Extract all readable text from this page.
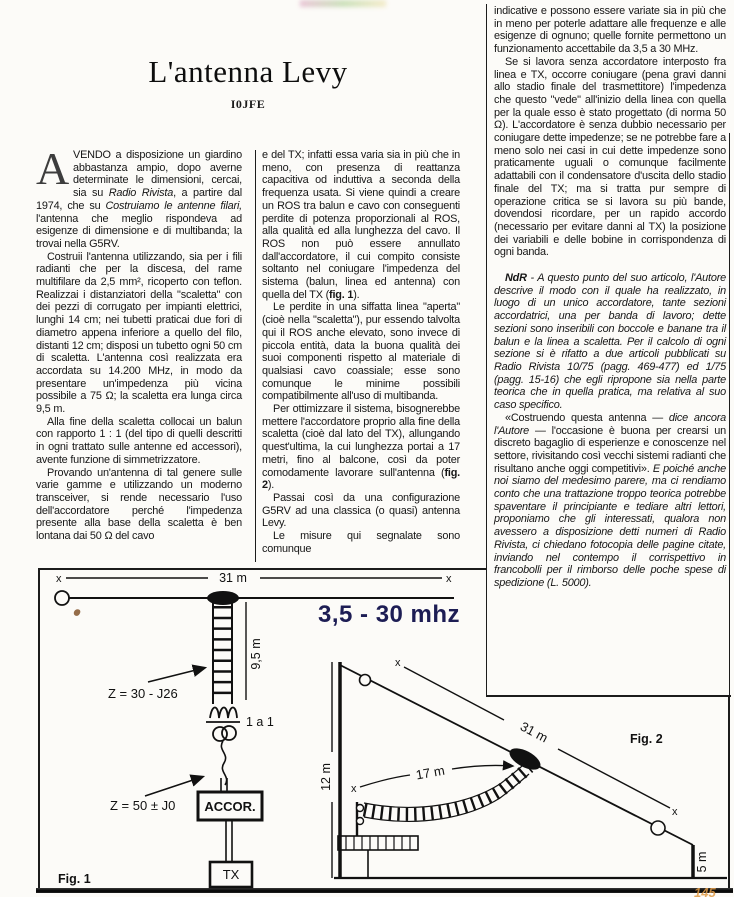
L'antenna Levy
I0JFE

AVENDO a disposizione un giardino abbastanza ampio, dopo averne determinate le dimensioni, cercai, sia su Radio Rivista, a partire dal 1974, che su Costruiamo le antenne filari, l'antenna che meglio rispondeva ad esigenze di dimensione e di multibanda; la trovai nella G5RV.

Costruii l'antenna utilizzando, sia per i fili radianti che per la discesa, del rame multifilare da 2,5 mm², ricoperto con teflon. Realizzai i distanziatori della "scaletta" con dei pezzi di corrugato per impianti elettrici, lunghi 14 cm; nei tubetti praticai due fori di diametro appena inferiore a quello del filo, distanti 12 cm; disposi un tubetto ogni 50 cm di scaletta. L'antenna così realizzata era accordata su 14.200 MHz, in modo da presentare un'impedenza più vicina possibile a 75 Ω; la scaletta era lunga circa 9,5 m.

Alla fine della scaletta collocai un balun con rapporto 1 : 1 (del tipo di quelli descritti in ogni trattato sulle antenne ed accessori), avente funzione di simmetrizzatore.

Provando un'antenna di tal genere sulle varie gamme e utilizzando un moderno transceiver, si rende necessario l'uso dell'accordatore perché l'impedenza presente alla base della scaletta è ben lontana dai 50 Ω del cavo

e del TX; infatti essa varia sia in più che in meno, con presenza di reattanza capacitiva od induttiva a seconda della frequenza usata. Si viene quindi a creare un ROS tra balun e cavo con conseguenti perdite di potenza proporzionali al ROS, alla qualità ed alla lunghezza del cavo. Il ROS non può essere annullato dall'accordatore, il cui compito consiste soltanto nel coniugare l'impedenza del sistema (balun, linea ed antenna) con quella del TX (fig. 1).

Le perdite in una siffatta linea "aperta" (cioè nella "scaletta"), pur essendo talvolta qui il ROS anche elevato, sono invece di piccola entità, data la buona qualità dei suoi componenti rispetto al materiale di qualsiasi cavo coassiale; esse sono comunque le minime possibili compatibilmente all'uso di multibanda.

Per ottimizzare il sistema, bisognerebbe mettere l'accordatore proprio alla fine della scaletta (cioè dal lato del TX), allungando quest'ultima, la cui lunghezza portai a 17 metri, fino al balcone, così da poter comodamente lavorare sull'antenna (fig. 2).

Passai così da una configurazione G5RV ad una classica (o quasi) antenna Levy.

Le misure qui segnalate sono comunque

indicative e possono essere variate sia in più che in meno per poterle adattare alle frequenze e alle esigenze di ognuno; quelle fornite permettono un funzionamento accettabile da 3,5 a 30 MHz.

Se si lavora senza accordatore interposto fra linea e TX, occorre coniugare (pena gravi danni allo stadio finale del trasmettitore) l'impedenza che questo "vede" all'inizio della linea con quella per la quale esso è stato progettato (di norma 50 Ω). L'accordatore è senza dubbio necessario per coniugare dette impedenze; se ne potrebbe fare a meno solo nei casi in cui dette impedenze sono praticamente uguali o comunque facilmente adattabili con il condensatore d'uscita dello stadio finale del TX; ma si tratta pur sempre di operazione critica se si lavora su più bande, dovendosi ricordare, per un rapido accordo (necessario per evitare danni al TX) la posizione dei variabili e delle bobine in corrispondenza di ogni banda.

NdR - A questo punto del suo articolo, l'Autore descrive il modo con il quale ha realizzato, in luogo di un unico accordatore, tante sezioni accordatrici, una per banda di lavoro; dette sezioni sono inseribili con boccole e banane tra il balun e la linea a scaletta. Per il calcolo di ogni sezione si è rifatto a due articoli pubblicati su Radio Rivista 10/75 (pagg. 469-477) ed 1/75 (pagg. 15-16) che egli ripropone sia nella parte teorica che in quella pratica, ma relativa al suo caso specifico.

«Costruendo questa antenna — dice ancora l'Autore — l'occasione è buona per crearsi un discreto bagaglio di esperienze e conoscenze nel settore, rivisitando così vecchi sistemi radianti che risultano anche oggi competitivi». E poiché anche noi siamo del medesimo parere, ma ci rendiamo conto che una trattazione troppo teorica potrebbe spaventare il principiante e tediare altri lettori, proponiamo che gli interessati, qualora non avessero a disposizione detti numeri di Radio Rivista, ci chiedano fotocopia delle pagine citate, inviando nel contempo il corrispettivo in francobolli per il rimborso delle poche spese di spedizione (L. 5000).

3,5 - 30 mhz
145
x	31 m	x
9,5 m
Z = 30 - J26
1 a 1
Z = 50 ± J0 ACCOR.
TX
Fig. 1
12 m
x
31 m
x
x
17 m
5 m
Fig. 2
